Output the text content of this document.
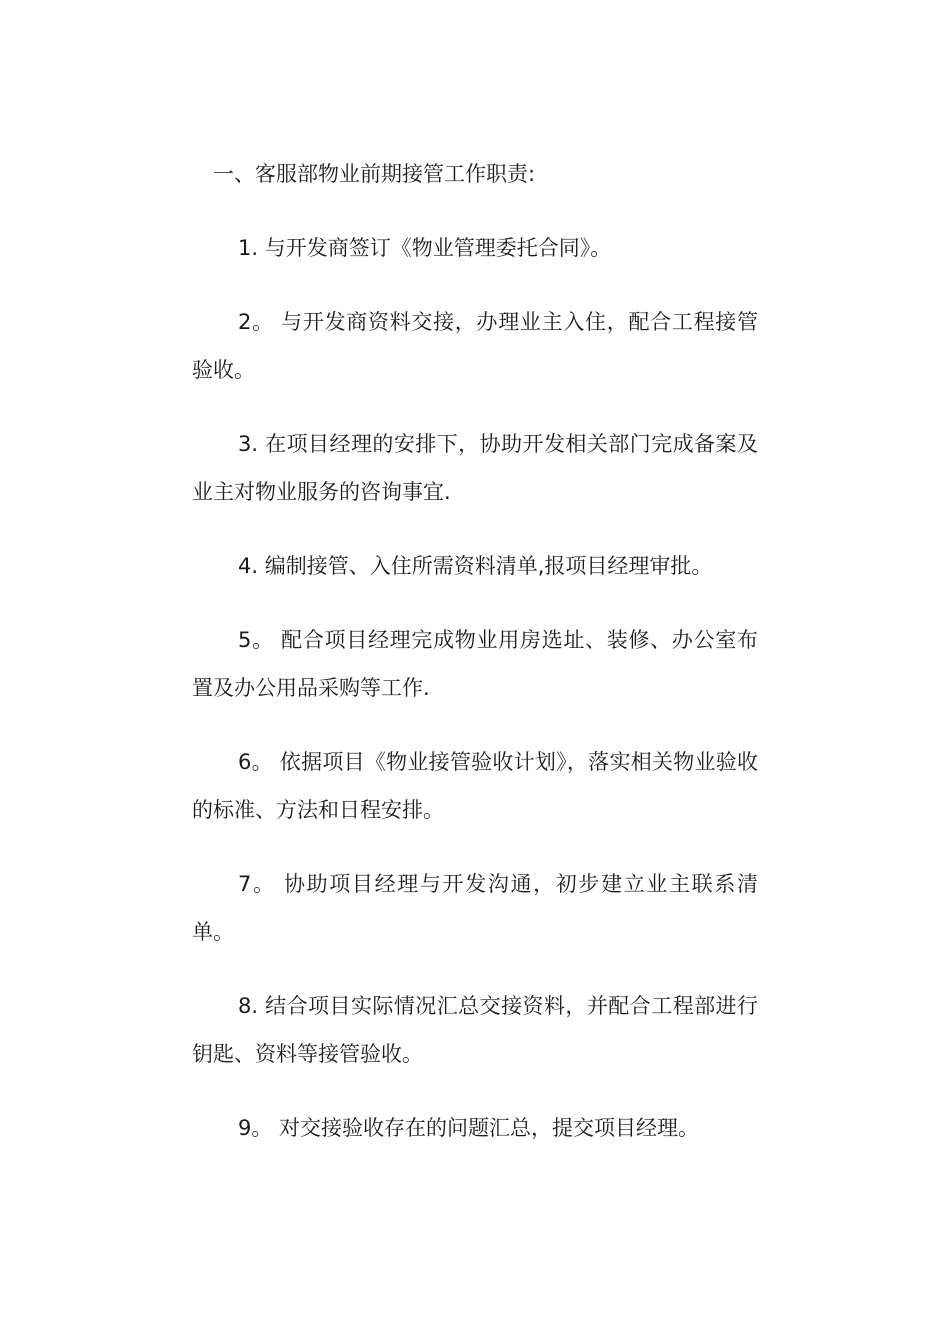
一、客服部物业前期接管工作职责:

1. 与开发商签订《物业管理委托合同》。

2。 与开发商资料交接，办理业主入住，配合工程接管验收。

3. 在项目经理的安排下，协助开发相关部门完成备案及业主对物业服务的咨询事宜.

4. 编制接管、入住所需资料清单,报项目经理审批。

5。 配合项目经理完成物业用房选址、装修、办公室布置及办公用品采购等工作.

6。 依据项目《物业接管验收计划》，落实相关物业验收的标准、方法和日程安排。

7。 协助项目经理与开发沟通，初步建立业主联系清单。

8. 结合项目实际情况汇总交接资料，并配合工程部进行钥匙、资料等接管验收。

9。 对交接验收存在的问题汇总，提交项目经理。
